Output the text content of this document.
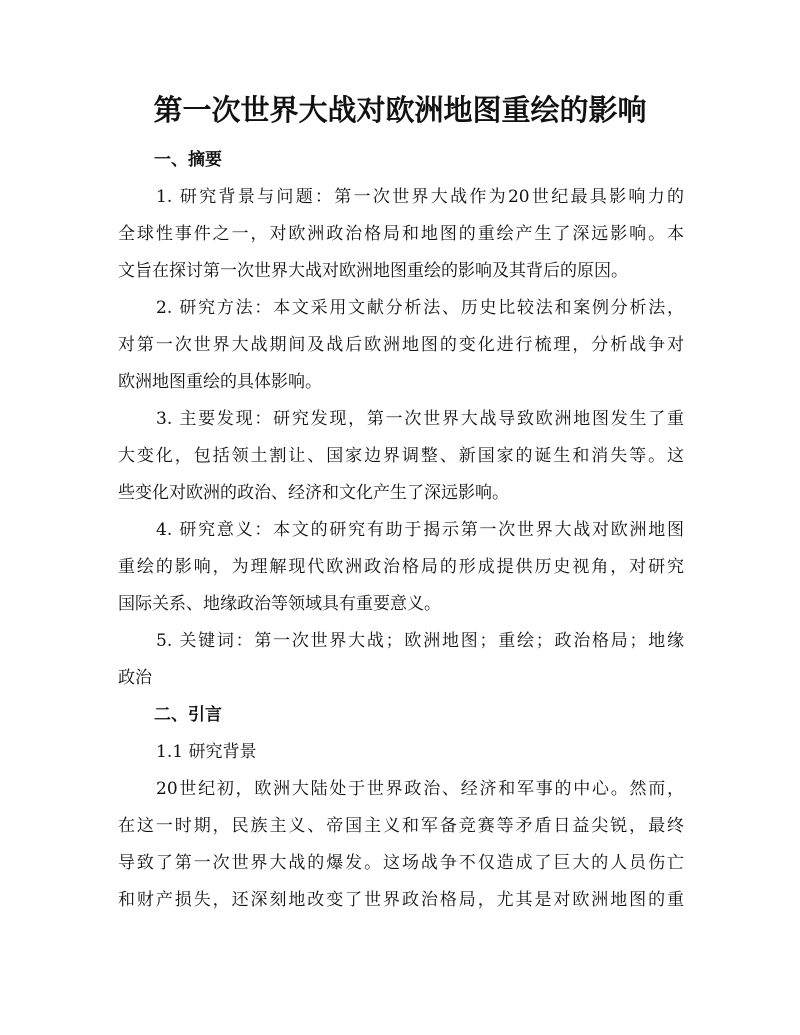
第一次世界大战对欧洲地图重绘的影响
一、摘要

1. 研究背景与问题：第一次世界大战作为20世纪最具影响力的
全球性事件之一，对欧洲政治格局和地图的重绘产生了深远影响。本
文旨在探讨第一次世界大战对欧洲地图重绘的影响及其背后的原因。

2. 研究方法：本文采用文献分析法、历史比较法和案例分析法，
对第一次世界大战期间及战后欧洲地图的变化进行梳理，分析战争对
欧洲地图重绘的具体影响。

3. 主要发现：研究发现，第一次世界大战导致欧洲地图发生了重
大变化，包括领土割让、国家边界调整、新国家的诞生和消失等。这
些变化对欧洲的政治、经济和文化产生了深远影响。

4. 研究意义：本文的研究有助于揭示第一次世界大战对欧洲地图
重绘的影响，为理解现代欧洲政治格局的形成提供历史视角，对研究
国际关系、地缘政治等领域具有重要意义。

5. 关键词：第一次世界大战；欧洲地图；重绘；政治格局；地缘
政治

二、引言
1.1 研究背景

20世纪初，欧洲大陆处于世界政治、经济和军事的中心。然而，
在这一时期，民族主义、帝国主义和军备竞赛等矛盾日益尖锐，最终
导致了第一次世界大战的爆发。这场战争不仅造成了巨大的人员伤亡
和财产损失，还深刻地改变了世界政治格局，尤其是对欧洲地图的重
